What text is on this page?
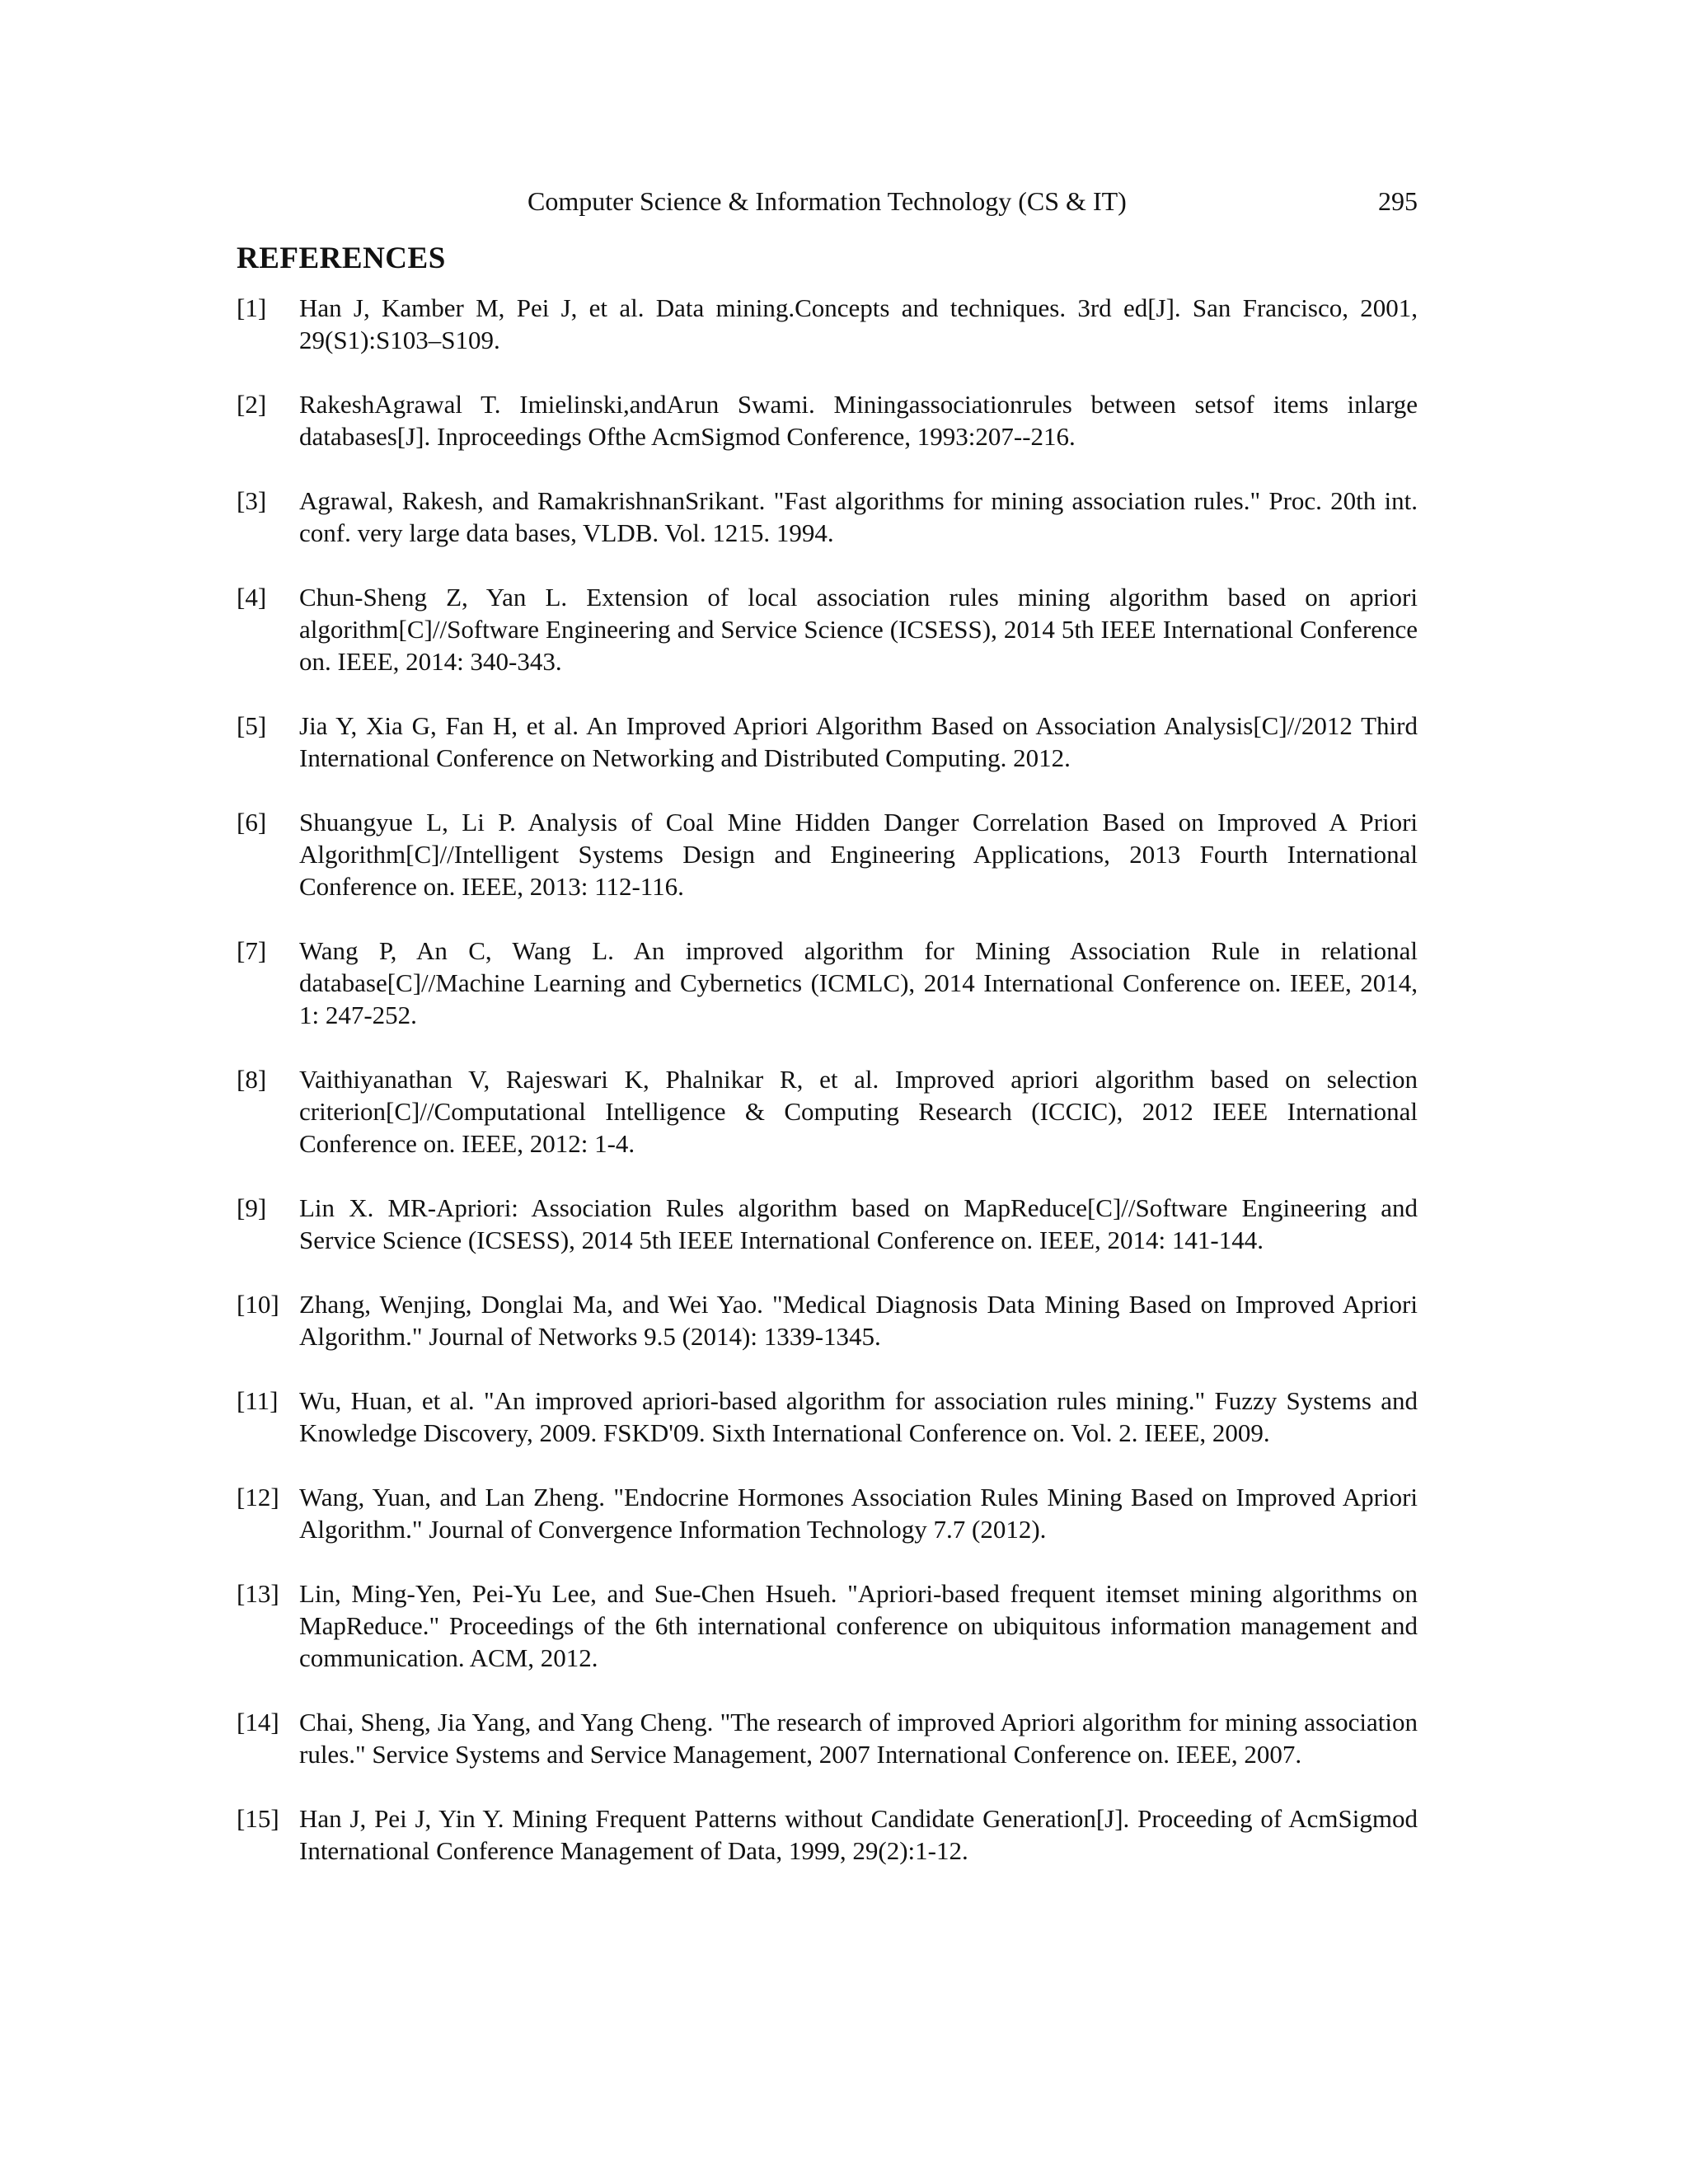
Computer Science & Information Technology (CS & IT)	295
REFERENCES
[1] Han J, Kamber M, Pei J, et al. Data mining.Concepts and techniques. 3rd ed[J]. San Francisco, 2001, 29(S1):S103–S109.
[2] RakeshAgrawal T. Imielinski,andArun Swami. Miningassociationrules between setsof items inlarge databases[J]. Inproceedings Ofthe AcmSigmod Conference, 1993:207--216.
[3] Agrawal, Rakesh, and RamakrishnanSrikant. "Fast algorithms for mining association rules." Proc. 20th int. conf. very large data bases, VLDB. Vol. 1215. 1994.
[4] Chun-Sheng Z, Yan L. Extension of local association rules mining algorithm based on apriori algorithm[C]//Software Engineering and Service Science (ICSESS), 2014 5th IEEE International Conference on. IEEE, 2014: 340-343.
[5] Jia Y, Xia G, Fan H, et al. An Improved Apriori Algorithm Based on Association Analysis[C]//2012 Third International Conference on Networking and Distributed Computing. 2012.
[6] Shuangyue L, Li P. Analysis of Coal Mine Hidden Danger Correlation Based on Improved A Priori Algorithm[C]//Intelligent Systems Design and Engineering Applications, 2013 Fourth International Conference on. IEEE, 2013: 112-116.
[7] Wang P, An C, Wang L. An improved algorithm for Mining Association Rule in relational database[C]//Machine Learning and Cybernetics (ICMLC), 2014 International Conference on. IEEE, 2014, 1: 247-252.
[8] Vaithiyanathan V, Rajeswari K, Phalnikar R, et al. Improved apriori algorithm based on selection criterion[C]//Computational Intelligence & Computing Research (ICCIC), 2012 IEEE International Conference on. IEEE, 2012: 1-4.
[9] Lin X. MR-Apriori: Association Rules algorithm based on MapReduce[C]//Software Engineering and Service Science (ICSESS), 2014 5th IEEE International Conference on. IEEE, 2014: 141-144.
[10] Zhang, Wenjing, Donglai Ma, and Wei Yao. "Medical Diagnosis Data Mining Based on Improved Apriori Algorithm." Journal of Networks 9.5 (2014): 1339-1345.
[11] Wu, Huan, et al. "An improved apriori-based algorithm for association rules mining." Fuzzy Systems and Knowledge Discovery, 2009. FSKD'09. Sixth International Conference on. Vol. 2. IEEE, 2009.
[12] Wang, Yuan, and Lan Zheng. "Endocrine Hormones Association Rules Mining Based on Improved Apriori Algorithm." Journal of Convergence Information Technology 7.7 (2012).
[13] Lin, Ming-Yen, Pei-Yu Lee, and Sue-Chen Hsueh. "Apriori-based frequent itemset mining algorithms on MapReduce." Proceedings of the 6th international conference on ubiquitous information management and communication. ACM, 2012.
[14] Chai, Sheng, Jia Yang, and Yang Cheng. "The research of improved Apriori algorithm for mining association rules." Service Systems and Service Management, 2007 International Conference on. IEEE, 2007.
[15] Han J, Pei J, Yin Y. Mining Frequent Patterns without Candidate Generation[J]. Proceeding of AcmSigmod International Conference Management of Data, 1999, 29(2):1-12.
